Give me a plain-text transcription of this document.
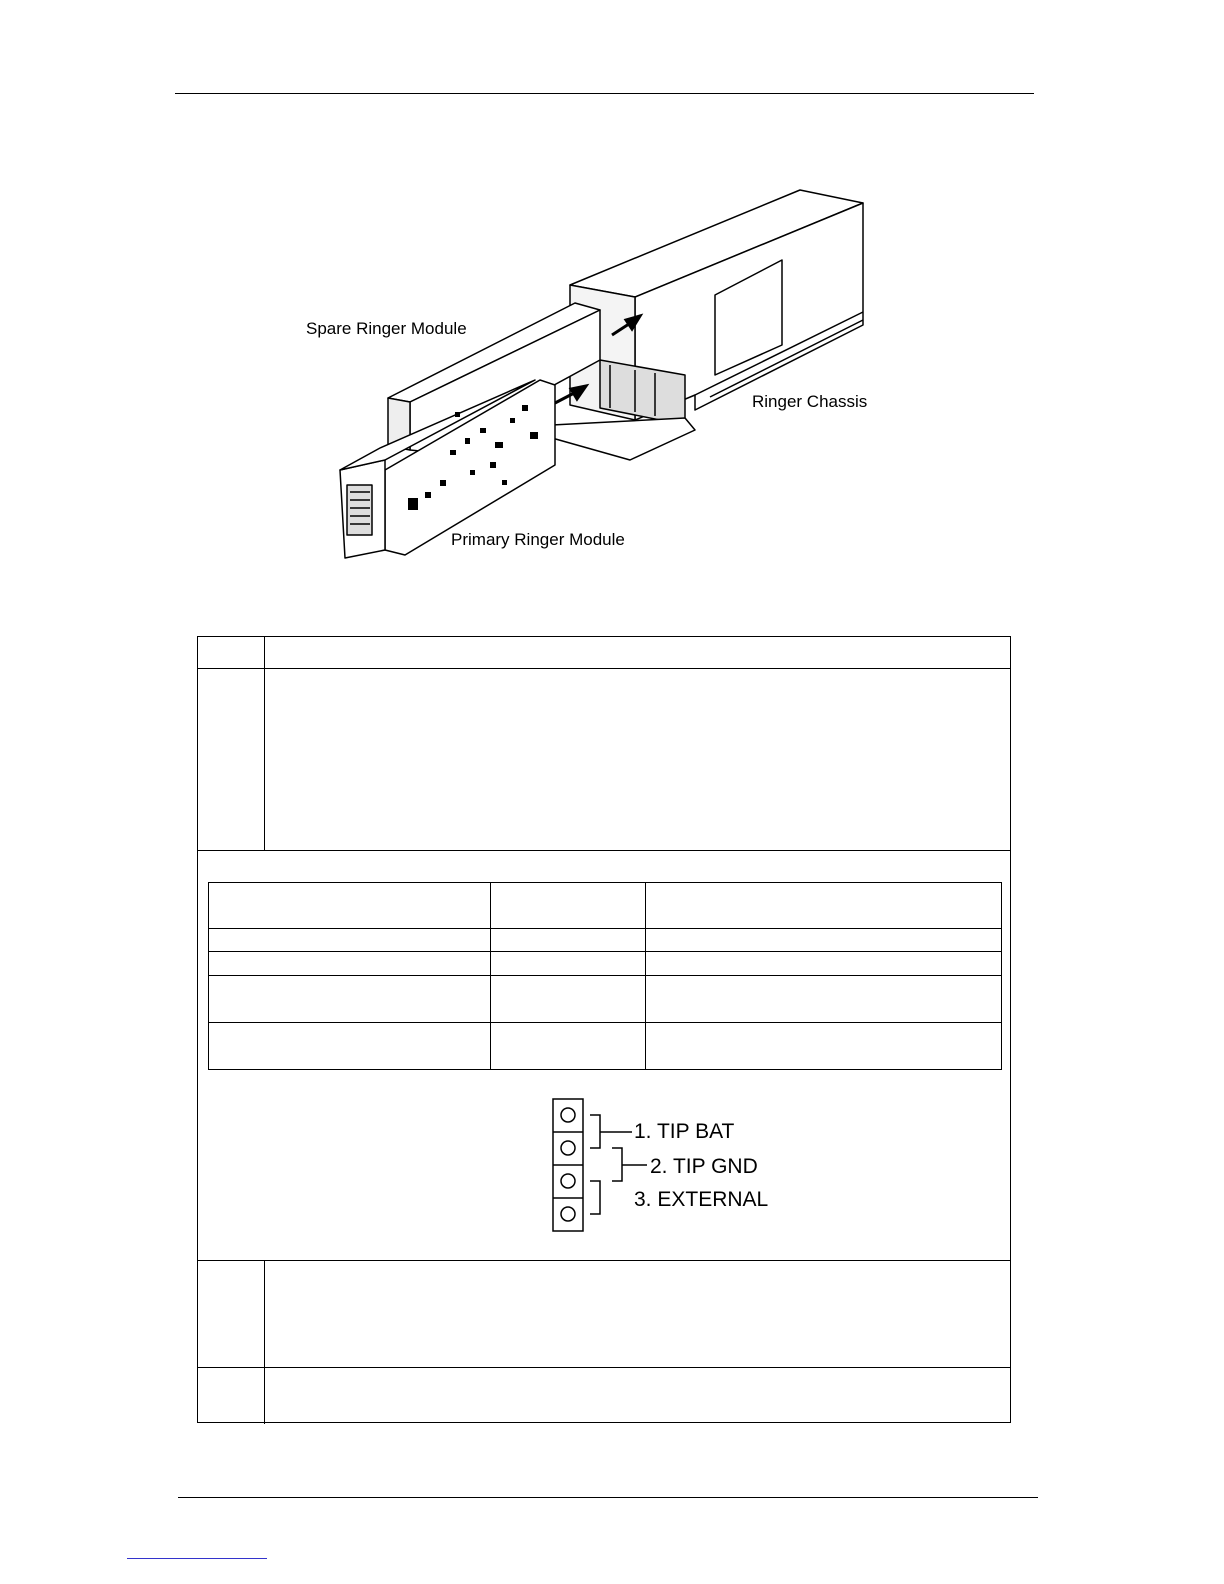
Spare Ringer Module
Ringer Chassis
Primary Ringer Module

1. TIP BAT
2. TIP GND
3. EXTERNAL
